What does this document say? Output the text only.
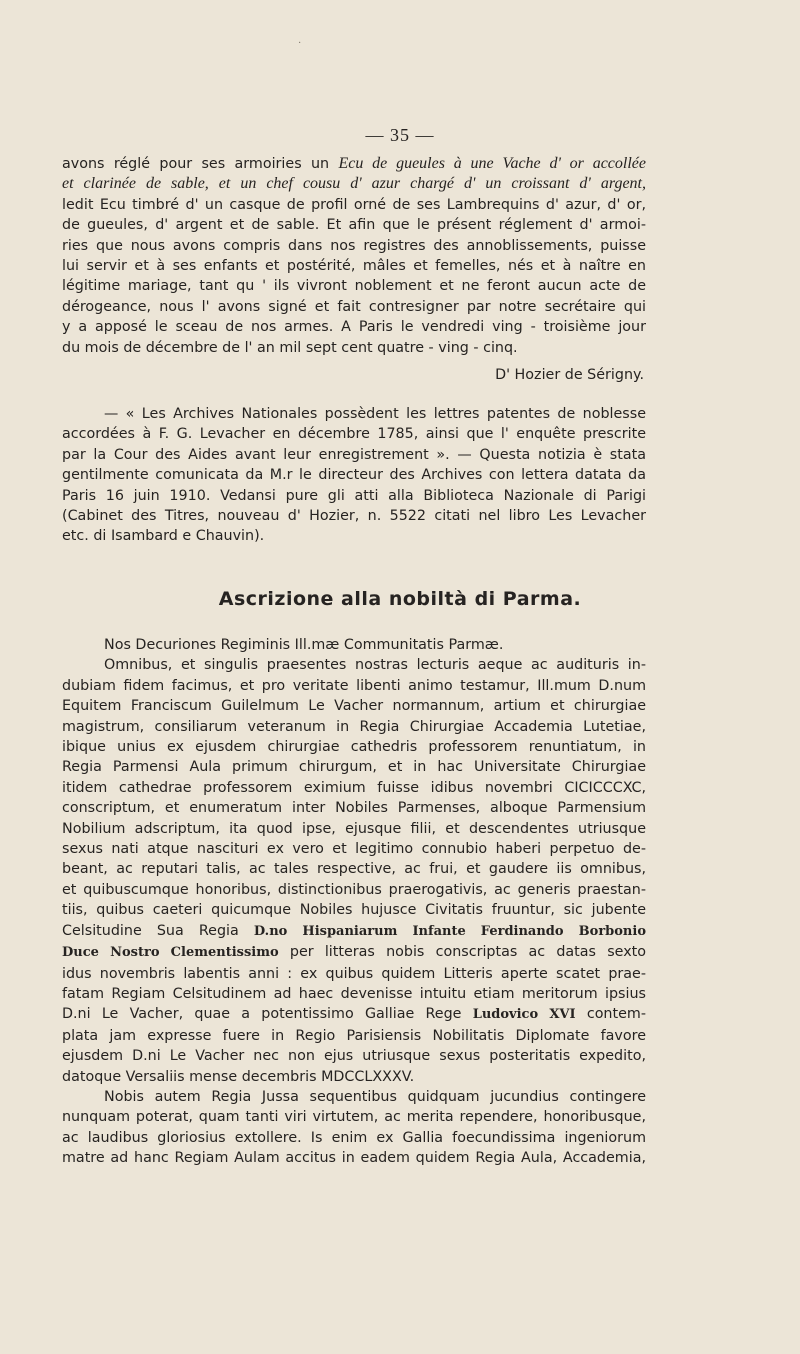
·
— 35 —
avons réglé pour ses armoiries un Ecu de gueules à une Vache d' or accollée
et clarinée de sable, et un chef cousu d' azur chargé d' un croissant d' argent,
ledit Ecu timbré d' un casque de profil orné de ses Lambrequins d' azur, d' or,
de gueules, d' argent et de sable. Et afin que le présent réglement d' armoi-
ries que nous avons compris dans nos registres des annoblissements, puisse
lui servir et à ses enfants et postérité, mâles et femelles, nés et à naître en
légitime mariage, tant qu ' ils vivront noblement et ne feront aucun acte de
dérogeance, nous l' avons signé et fait contresigner par notre secrétaire qui
y a apposé le sceau de nos armes. A Paris le vendredi ving - troisième jour
du mois de décembre de l' an mil sept cent quatre - ving - cinq.
D' Hozier de Sérigny.
— « Les Archives Nationales possèdent les lettres patentes de noblesse
accordées à F. G. Levacher en décembre 1785, ainsi que l' enquête prescrite
par la Cour des Aides avant leur enregistrement ». — Questa notizia è stata
gentilmente comunicata da M.r le directeur des Archives con lettera datata da
Paris 16 juin 1910. Vedansi pure gli atti alla Biblioteca Nazionale di Parigi
(Cabinet des Titres, nouveau d' Hozier, n. 5522 citati nel libro Les Levacher
etc. di Isambard e Chauvin).
Ascrizione alla nobiltà di Parma.
Nos Decuriones Regiminis Ill.mæ Communitatis Parmæ.
Omnibus, et singulis praesentes nostras lecturis aeque ac audituris in-
dubiam fidem facimus, et pro veritate libenti animo testamur, Ill.mum D.num
Equitem Franciscum Guilelmum Le Vacher normannum, artium et chirurgiae
magistrum, consiliarum veteranum in Regia Chirurgiae Accademia Lutetiae,
ibique unius ex ejusdem chirurgiae cathedris professorem renuntiatum, in
Regia Parmensi Aula primum chirurgum, et in hac Universitate Chirurgiae
itidem cathedrae professorem eximium fuisse idibus novembri CICICCCXC,
conscriptum, et enumeratum inter Nobiles Parmenses, alboque Parmensium
Nobilium adscriptum, ita quod ipse, ejusque filii, et descendentes utriusque
sexus nati atque nascituri ex vero et legitimo connubio haberi perpetuo de-
beant, ac reputari talis, ac tales respective, ac frui, et gaudere iis omnibus,
et quibuscumque honoribus, distinctionibus praerogativis, ac generis praestan-
tiis, quibus caeteri quicumque Nobiles hujusce Civitatis fruuntur, sic jubente
Celsitudine Sua Regia D.no Hispaniarum Infante Ferdinando Borbonio
Duce Nostro Clementissimo per litteras nobis conscriptas ac datas sexto
idus novembris labentis anni : ex quibus quidem Litteris aperte scatet prae-
fatam Regiam Celsitudinem ad haec devenisse intuitu etiam meritorum ipsius
D.ni Le Vacher, quae a potentissimo Galliae Rege Ludovico XVI contem-
plata jam expresse fuere in Regio Parisiensis Nobilitatis Diplomate favore
ejusdem D.ni Le Vacher nec non ejus utriusque sexus posteritatis expedito,
datoque Versaliis mense decembris MDCCLXXXV.
Nobis autem Regia Jussa sequentibus quidquam jucundius contingere
nunquam poterat, quam tanti viri virtutem, ac merita rependere, honoribusque,
ac laudibus gloriosius extollere. Is enim ex Gallia foecundissima ingeniorum
matre ad hanc Regiam Aulam accitus in eadem quidem Regia Aula, Accademia,
